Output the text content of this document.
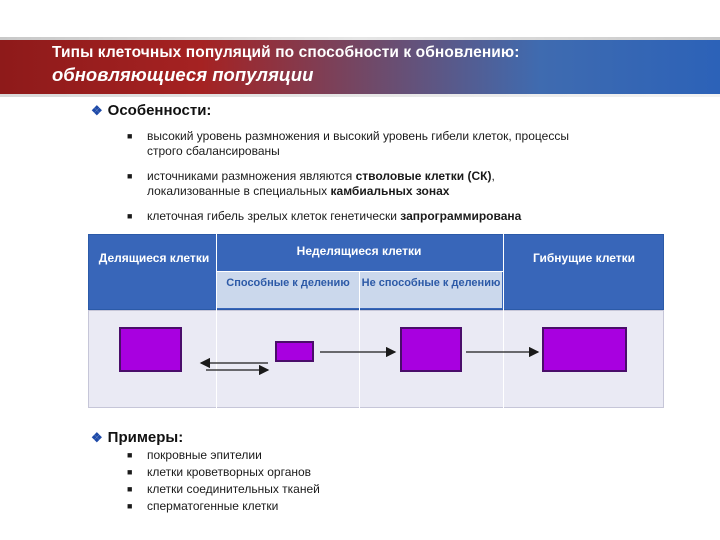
Типы клеточных популяций по способности к обновлению:
обновляющиеся популяции
❖ Особенности:
■ высокий уровень размножения и высокий уровень гибели клеток, процессы
строго сбалансированы
■ источниками размножения являются стволовые клетки (СК),
локализованные в специальных камбиальных зонах
■ клеточная гибель зрелых клеток генетически запрограммирована
Делящиеся клетки	Неделящиеся клетки	Гибнущие клетки
Способные к делению	Не способные к делению
❖ Примеры:
■ покровные эпителии
■ клетки кроветворных органов
■ клетки соединительных тканей
■ сперматогенные клетки
